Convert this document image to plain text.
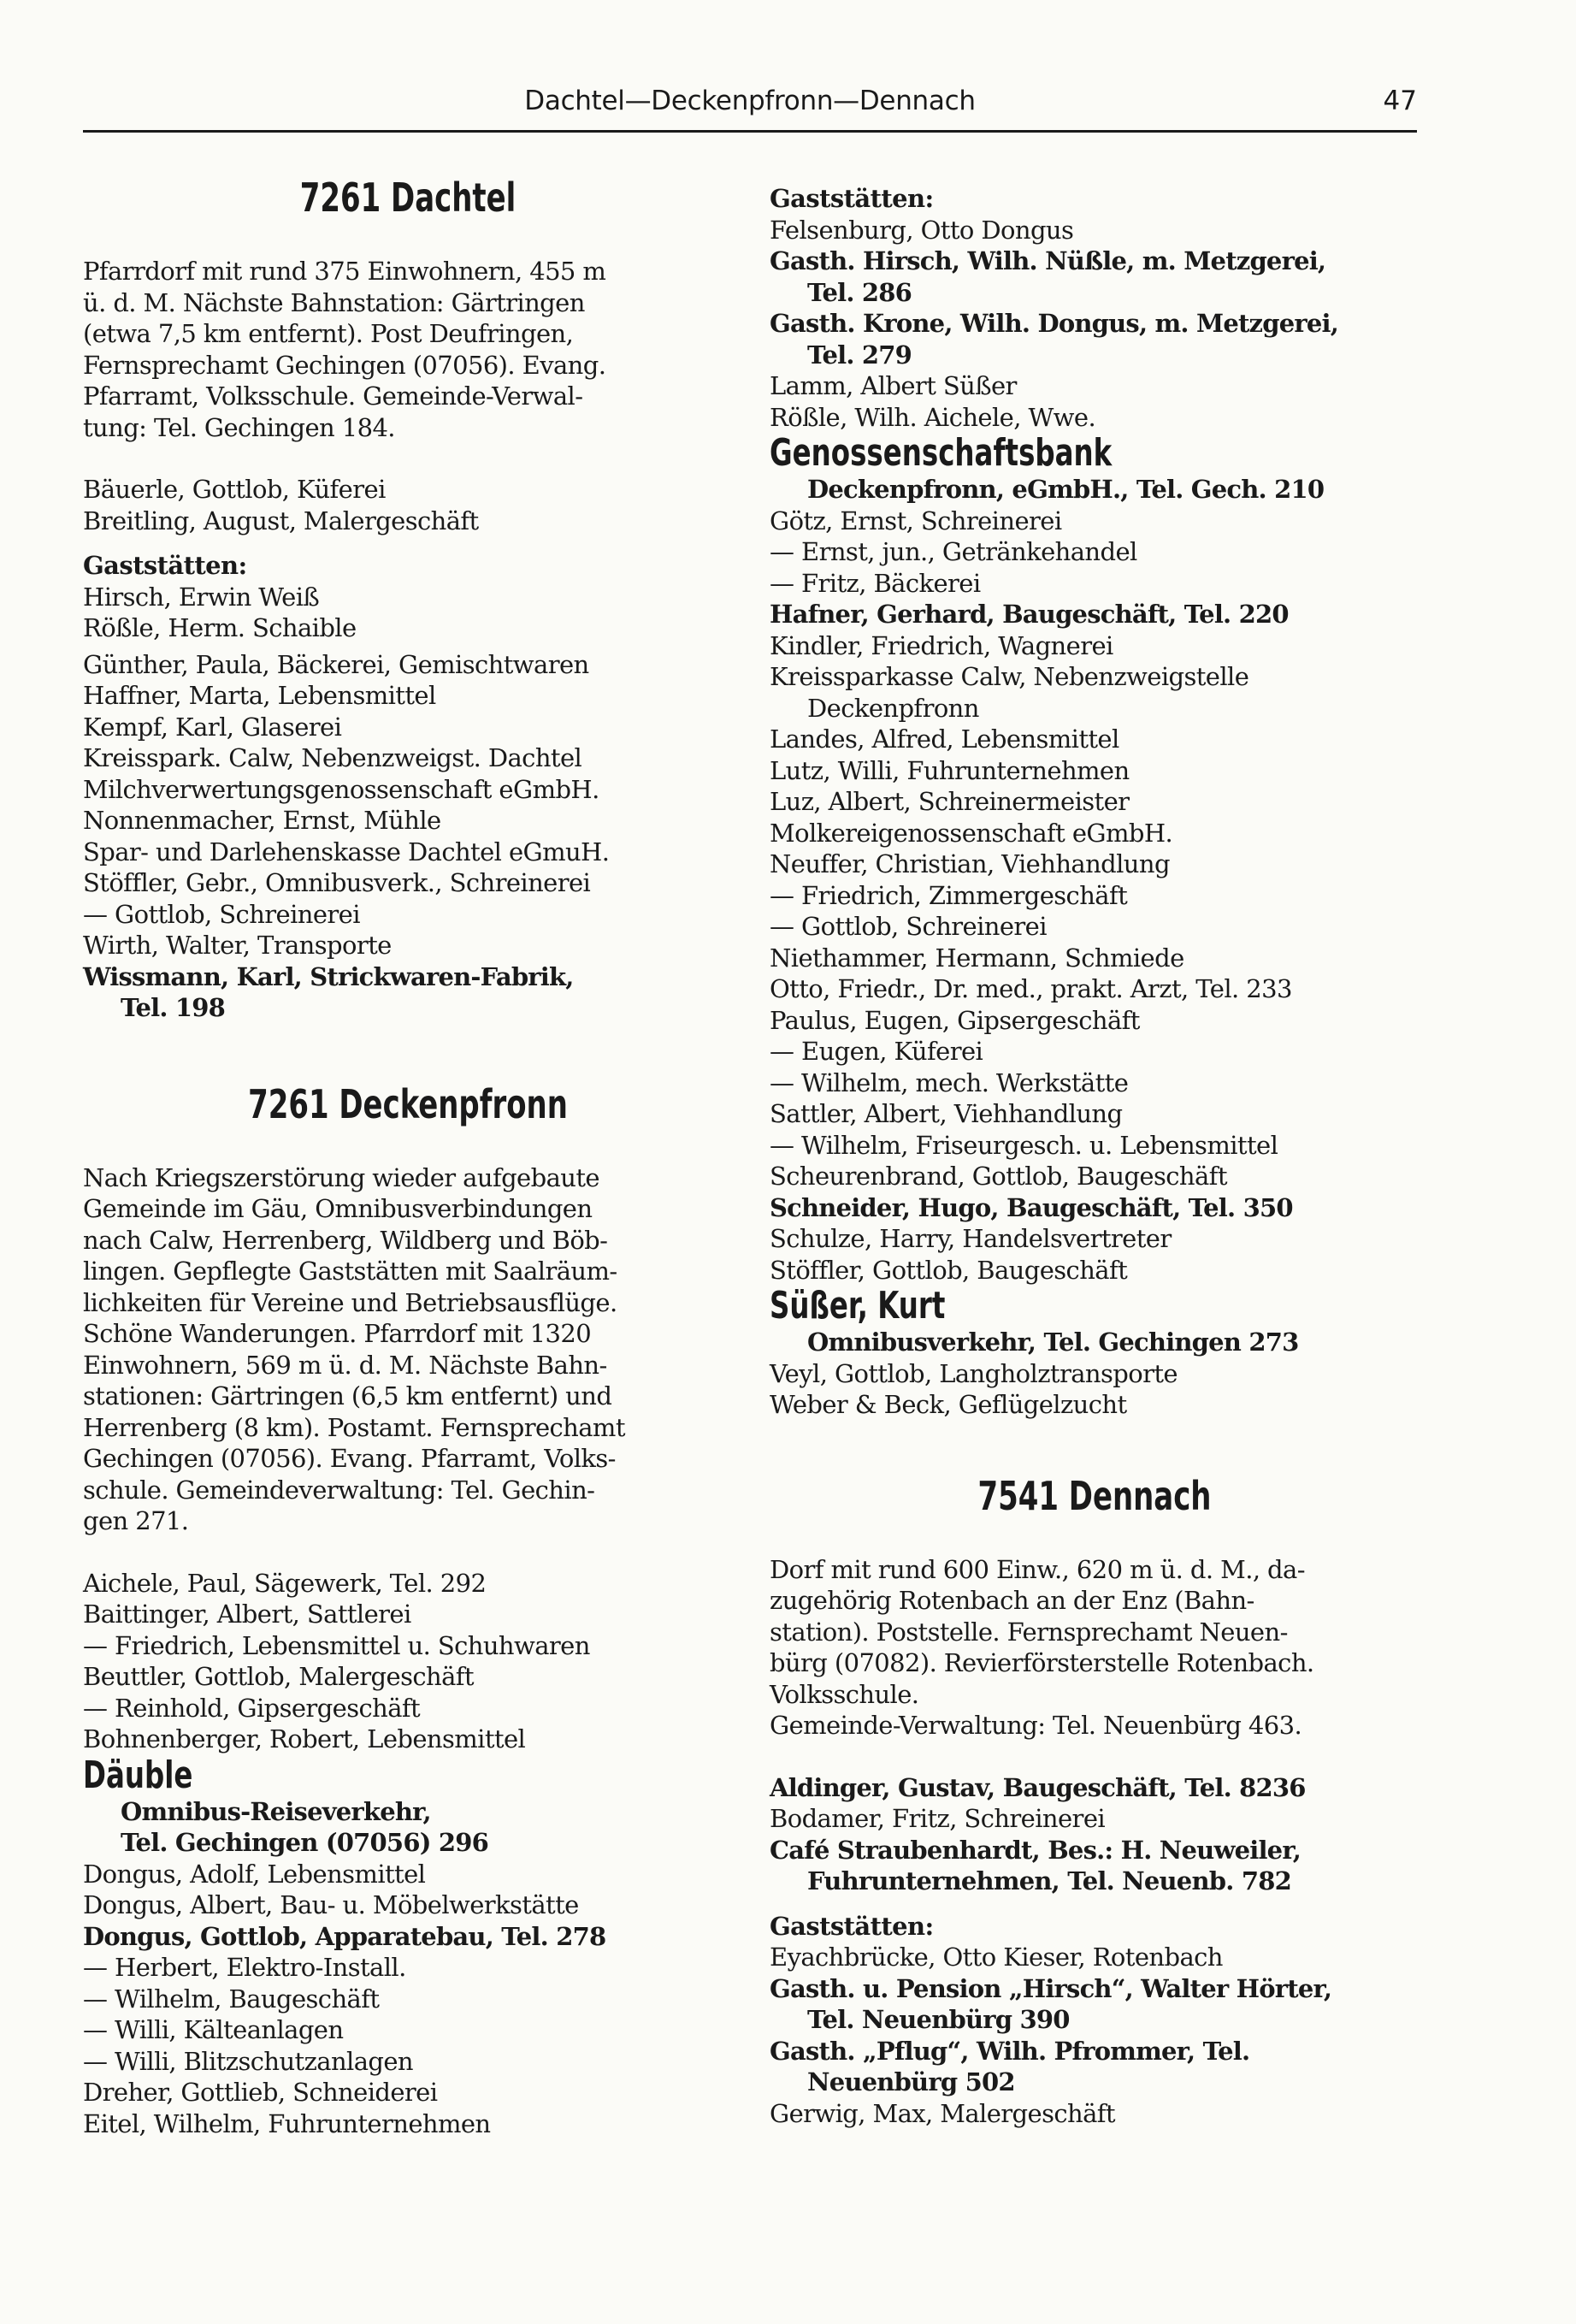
Dachtel—Deckenpfronn—Dennach	47
7261 Dachtel
Pfarrdorf mit rund 375 Einwohnern, 455 m
ü. d. M. Nächste Bahnstation: Gärtringen
(etwa 7,5 km entfernt). Post Deufringen,
Fernsprechamt Gechingen (07056). Evang.
Pfarramt, Volksschule. Gemeinde-Verwal-
tung: Tel. Gechingen 184.
Bäuerle, Gottlob, Küferei
Breitling, August, Malergeschäft
Gaststätten:
Hirsch, Erwin Weiß
Rößle, Herm. Schaible
Günther, Paula, Bäckerei, Gemischtwaren
Haffner, Marta, Lebensmittel
Kempf, Karl, Glaserei
Kreisspark. Calw, Nebenzweigst. Dachtel
Milchverwertungsgenossenschaft eGmbH.
Nonnenmacher, Ernst, Mühle
Spar- und Darlehenskasse Dachtel eGmuH.
Stöffler, Gebr., Omnibusverk., Schreinerei
— Gottlob, Schreinerei
Wirth, Walter, Transporte
Wissmann, Karl, Strickwaren-Fabrik,
Tel. 198
7261 Deckenpfronn
Nach Kriegszerstörung wieder aufgebaute
Gemeinde im Gäu, Omnibusverbindungen
nach Calw, Herrenberg, Wildberg und Böb-
lingen. Gepflegte Gaststätten mit Saalräum-
lichkeiten für Vereine und Betriebsausflüge.
Schöne Wanderungen. Pfarrdorf mit 1320
Einwohnern, 569 m ü. d. M. Nächste Bahn-
stationen: Gärtringen (6,5 km entfernt) und
Herrenberg (8 km). Postamt. Fernsprechamt
Gechingen (07056). Evang. Pfarramt, Volks-
schule. Gemeindeverwaltung: Tel. Gechin-
gen 271.
Aichele, Paul, Sägewerk, Tel. 292
Baittinger, Albert, Sattlerei
— Friedrich, Lebensmittel u. Schuhwaren
Beuttler, Gottlob, Malergeschäft
— Reinhold, Gipsergeschäft
Bohnenberger, Robert, Lebensmittel
Däuble
Omnibus-Reiseverkehr,
Tel. Gechingen (07056) 296
Dongus, Adolf, Lebensmittel
Dongus, Albert, Bau- u. Möbelwerkstätte
Dongus, Gottlob, Apparatebau, Tel. 278
— Herbert, Elektro-Install.
— Wilhelm, Baugeschäft
— Willi, Kälteanlagen
— Willi, Blitzschutzanlagen
Dreher, Gottlieb, Schneiderei
Eitel, Wilhelm, Fuhrunternehmen
Gaststätten:
Felsenburg, Otto Dongus
Gasth. Hirsch, Wilh. Nüßle, m. Metzgerei,
Tel. 286
Gasth. Krone, Wilh. Dongus, m. Metzgerei,
Tel. 279
Lamm, Albert Süßer
Rößle, Wilh. Aichele, Wwe.
Genossenschaftsbank
Deckenpfronn, eGmbH., Tel. Gech. 210
Götz, Ernst, Schreinerei
— Ernst, jun., Getränkehandel
— Fritz, Bäckerei
Hafner, Gerhard, Baugeschäft, Tel. 220
Kindler, Friedrich, Wagnerei
Kreissparkasse Calw, Nebenzweigstelle
Deckenpfronn
Landes, Alfred, Lebensmittel
Lutz, Willi, Fuhrunternehmen
Luz, Albert, Schreinermeister
Molkereigenossenschaft eGmbH.
Neuffer, Christian, Viehhandlung
— Friedrich, Zimmergeschäft
— Gottlob, Schreinerei
Niethammer, Hermann, Schmiede
Otto, Friedr., Dr. med., prakt. Arzt, Tel. 233
Paulus, Eugen, Gipsergeschäft
— Eugen, Küferei
— Wilhelm, mech. Werkstätte
Sattler, Albert, Viehhandlung
— Wilhelm, Friseurgesch. u. Lebensmittel
Scheurenbrand, Gottlob, Baugeschäft
Schneider, Hugo, Baugeschäft, Tel. 350
Schulze, Harry, Handelsvertreter
Stöffler, Gottlob, Baugeschäft
Süßer, Kurt
Omnibusverkehr, Tel. Gechingen 273
Veyl, Gottlob, Langholztransporte
Weber & Beck, Geflügelzucht
7541 Dennach
Dorf mit rund 600 Einw., 620 m ü. d. M., da-
zugehörig Rotenbach an der Enz (Bahn-
station). Poststelle. Fernsprechamt Neuen-
bürg (07082). Revierförsterstelle Rotenbach.
Volksschule.
Gemeinde-Verwaltung: Tel. Neuenbürg 463.
Aldinger, Gustav, Baugeschäft, Tel. 8236
Bodamer, Fritz, Schreinerei
Café Straubenhardt, Bes.: H. Neuweiler,
Fuhrunternehmen, Tel. Neuenb. 782
Gaststätten:
Eyachbrücke, Otto Kieser, Rotenbach
Gasth. u. Pension „Hirsch“, Walter Hörter,
Tel. Neuenbürg 390
Gasth. „Pflug“, Wilh. Pfrommer, Tel.
Neuenbürg 502
Gerwig, Max, Malergeschäft
